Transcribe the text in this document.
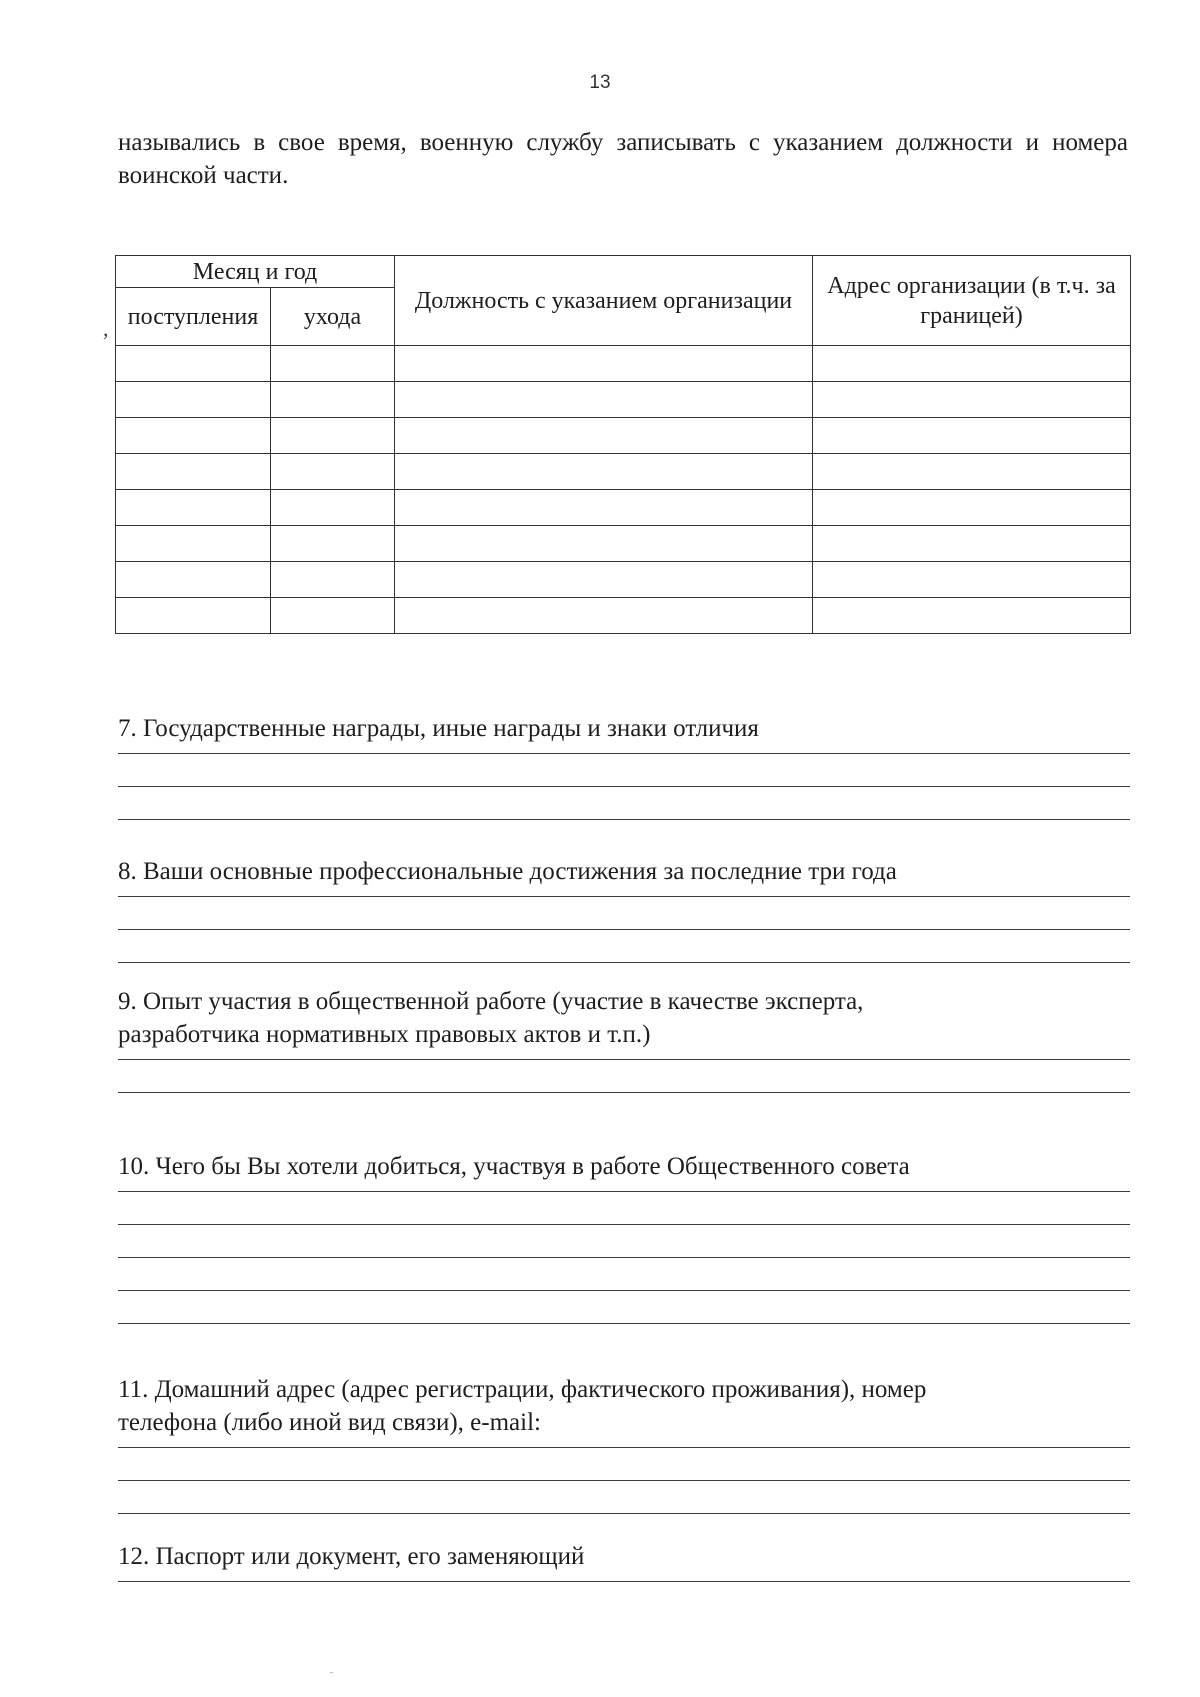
13

назывались в свое время, военную службу записывать с указанием должности и номера воинской части.

,
Месяц и год		Должность с указанием организации	Адрес организации (в т.ч. за границей)
поступления	ухода		

7. Государственные награды, иные награды и знаки отличия

8. Ваши основные профессиональные достижения за последние три года

9. Опыт участия в общественной работе (участие в качестве эксперта,

разработчика нормативных правовых актов и т.п.)

10. Чего бы Вы хотели добиться, участвуя в работе Общественного совета

11. Домашний адрес (адрес регистрации, фактического проживания), номер

телефона (либо иной вид связи), e-mail:

12. Паспорт или документ, его заменяющий
